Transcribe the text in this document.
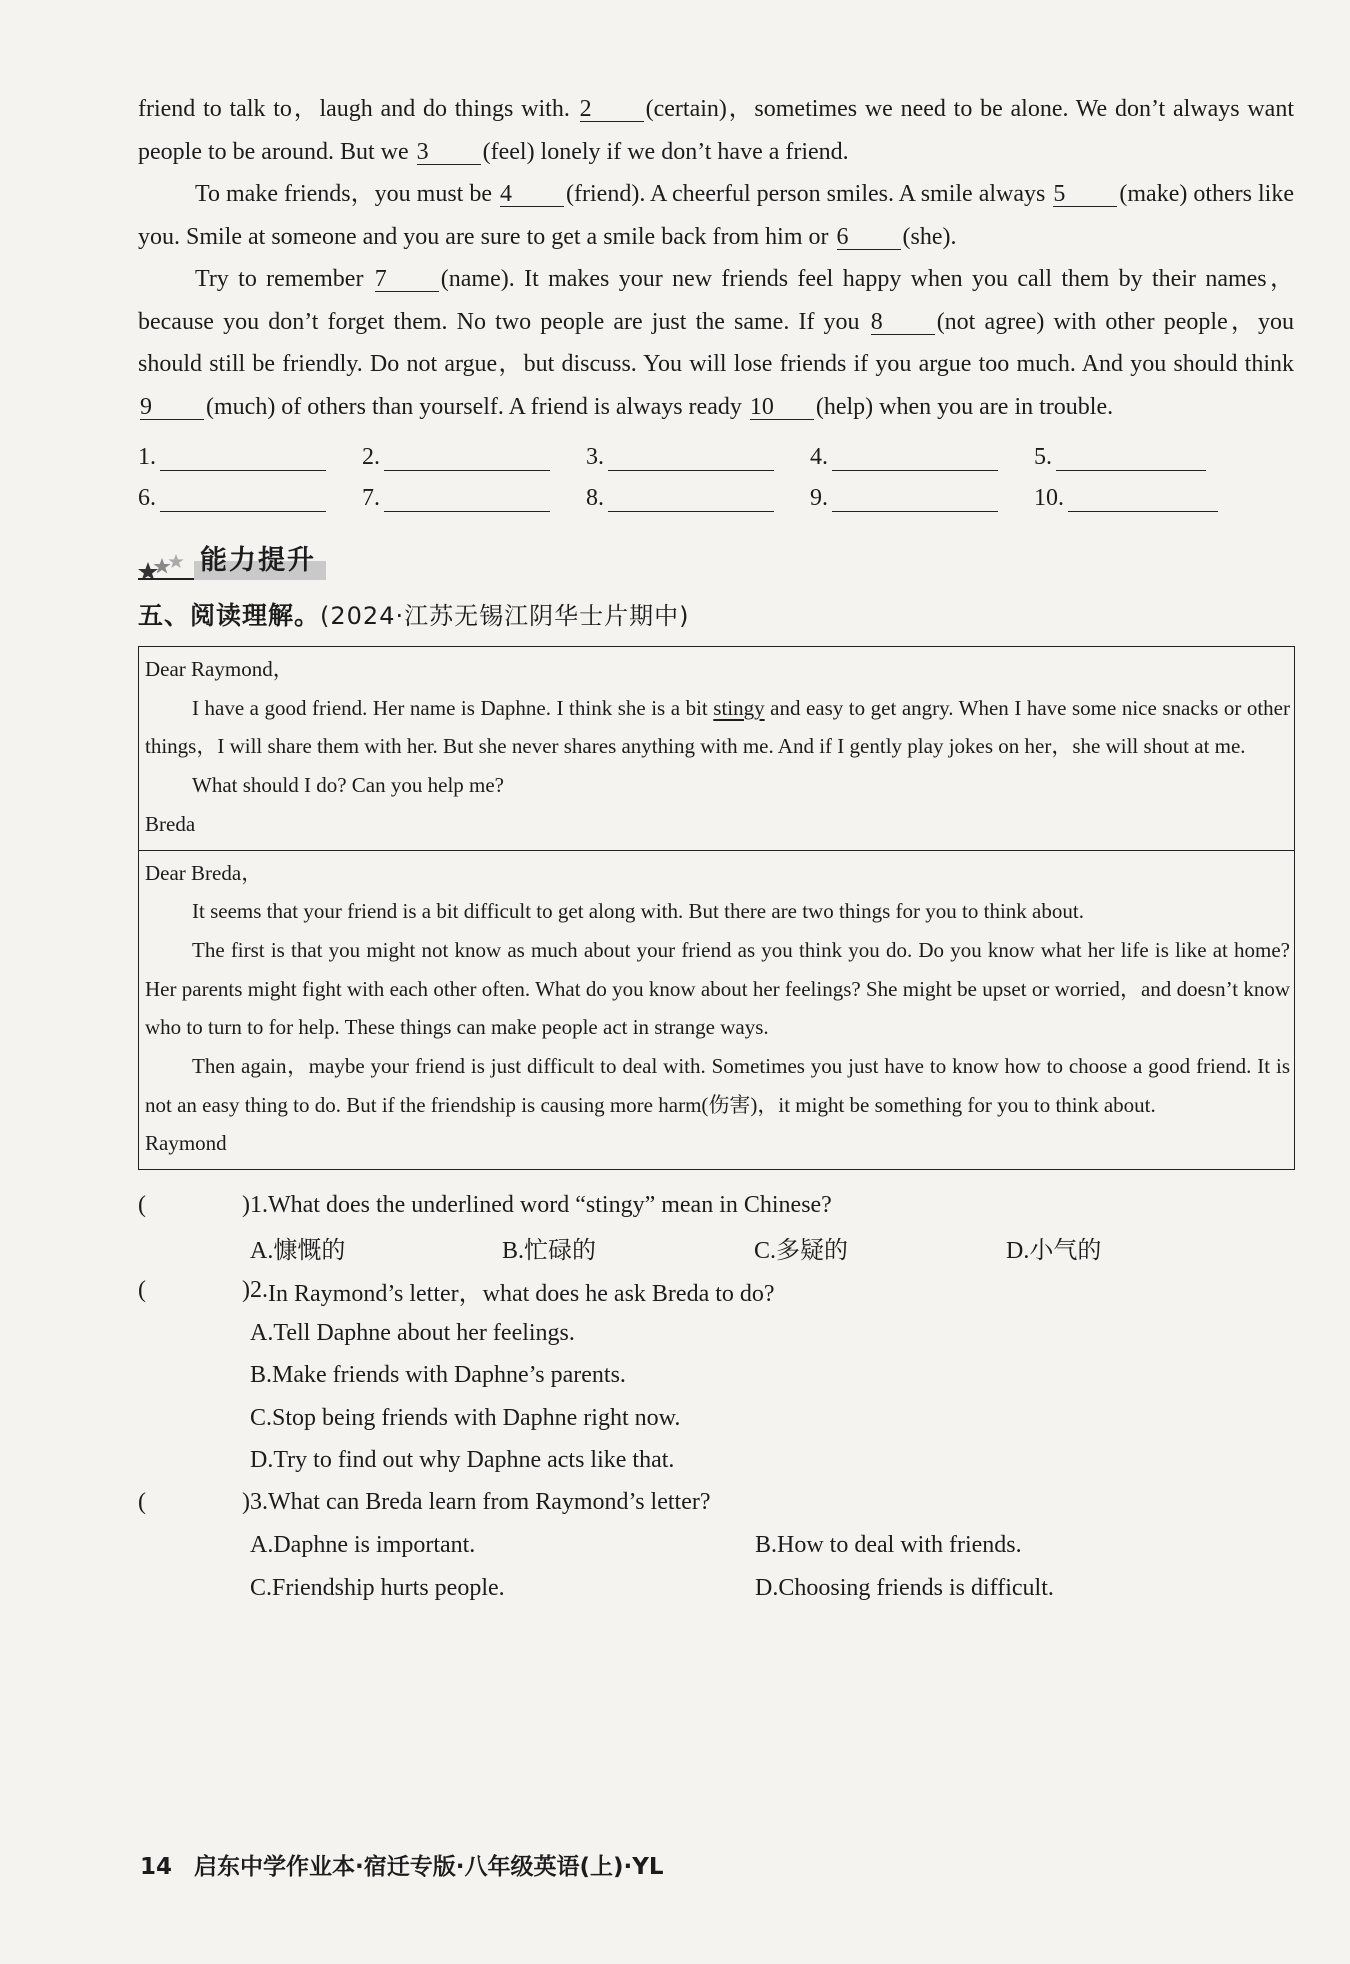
friend to talk to，laugh and do things with. 2 (certain)，sometimes we need to be alone. We don’t always want people to be around. But we 3 (feel) lonely if we don’t have a friend.

To make friends，you must be 4 (friend). A cheerful person smiles. A smile always 5 (make) others like you. Smile at someone and you are sure to get a smile back from him or 6 (she).

Try to remember 7 (name). It makes your new friends feel happy when you call them by their names，because you don’t forget them. No two people are just the same. If you 8 (not agree) with other people，you should still be friendly. Do not argue，but discuss. You will lose friends if you argue too much. And you should think 9 (much) of others than yourself. A friend is always ready 10 (help) when you are in trouble.

1.	2.	3.	4.	5.
6.	7.	8.	9.	10.
能力提升
五、阅读理解。(2024·江苏无锡江阴华士片期中)

Dear Raymond，

I have a good friend. Her name is Daphne. I think she is a bit stingy and easy to get angry. When I have some nice snacks or other things，I will share them with her. But she never shares anything with me. And if I gently play jokes on her，she will shout at me.

What should I do? Can you help me?

Breda

Dear Breda，

It seems that your friend is a bit difficult to get along with. But there are two things for you to think about.

The first is that you might not know as much about your friend as you think you do. Do you know what her life is like at home? Her parents might fight with each other often. What do you know about her feelings? She might be upset or worried，and doesn’t know who to turn to for help. These things can make people act in strange ways.

Then again，maybe your friend is just difficult to deal with. Sometimes you just have to know how to choose a good friend. It is not an easy thing to do. But if the friendship is causing more harm(伤害)，it might be something for you to think about.

Raymond

(	) 1. What does the underlined word “stingy” mean in Chinese?
A.慷慨的	B.忙碌的	C.多疑的	D.小气的
(	) 2. In Raymond’s letter，what does he ask Breda to do?
A.Tell Daphne about her feelings.
B.Make friends with Daphne’s parents.
C.Stop being friends with Daphne right now.
D.Try to find out why Daphne acts like that.
(	) 3. What can Breda learn from Raymond’s letter?
A.Daphne is important.	B.How to deal with friends.
C.Friendship hurts people.	D.Choosing friends is difficult.
14 启东中学作业本·宿迁专版·八年级英语(上)·YL
